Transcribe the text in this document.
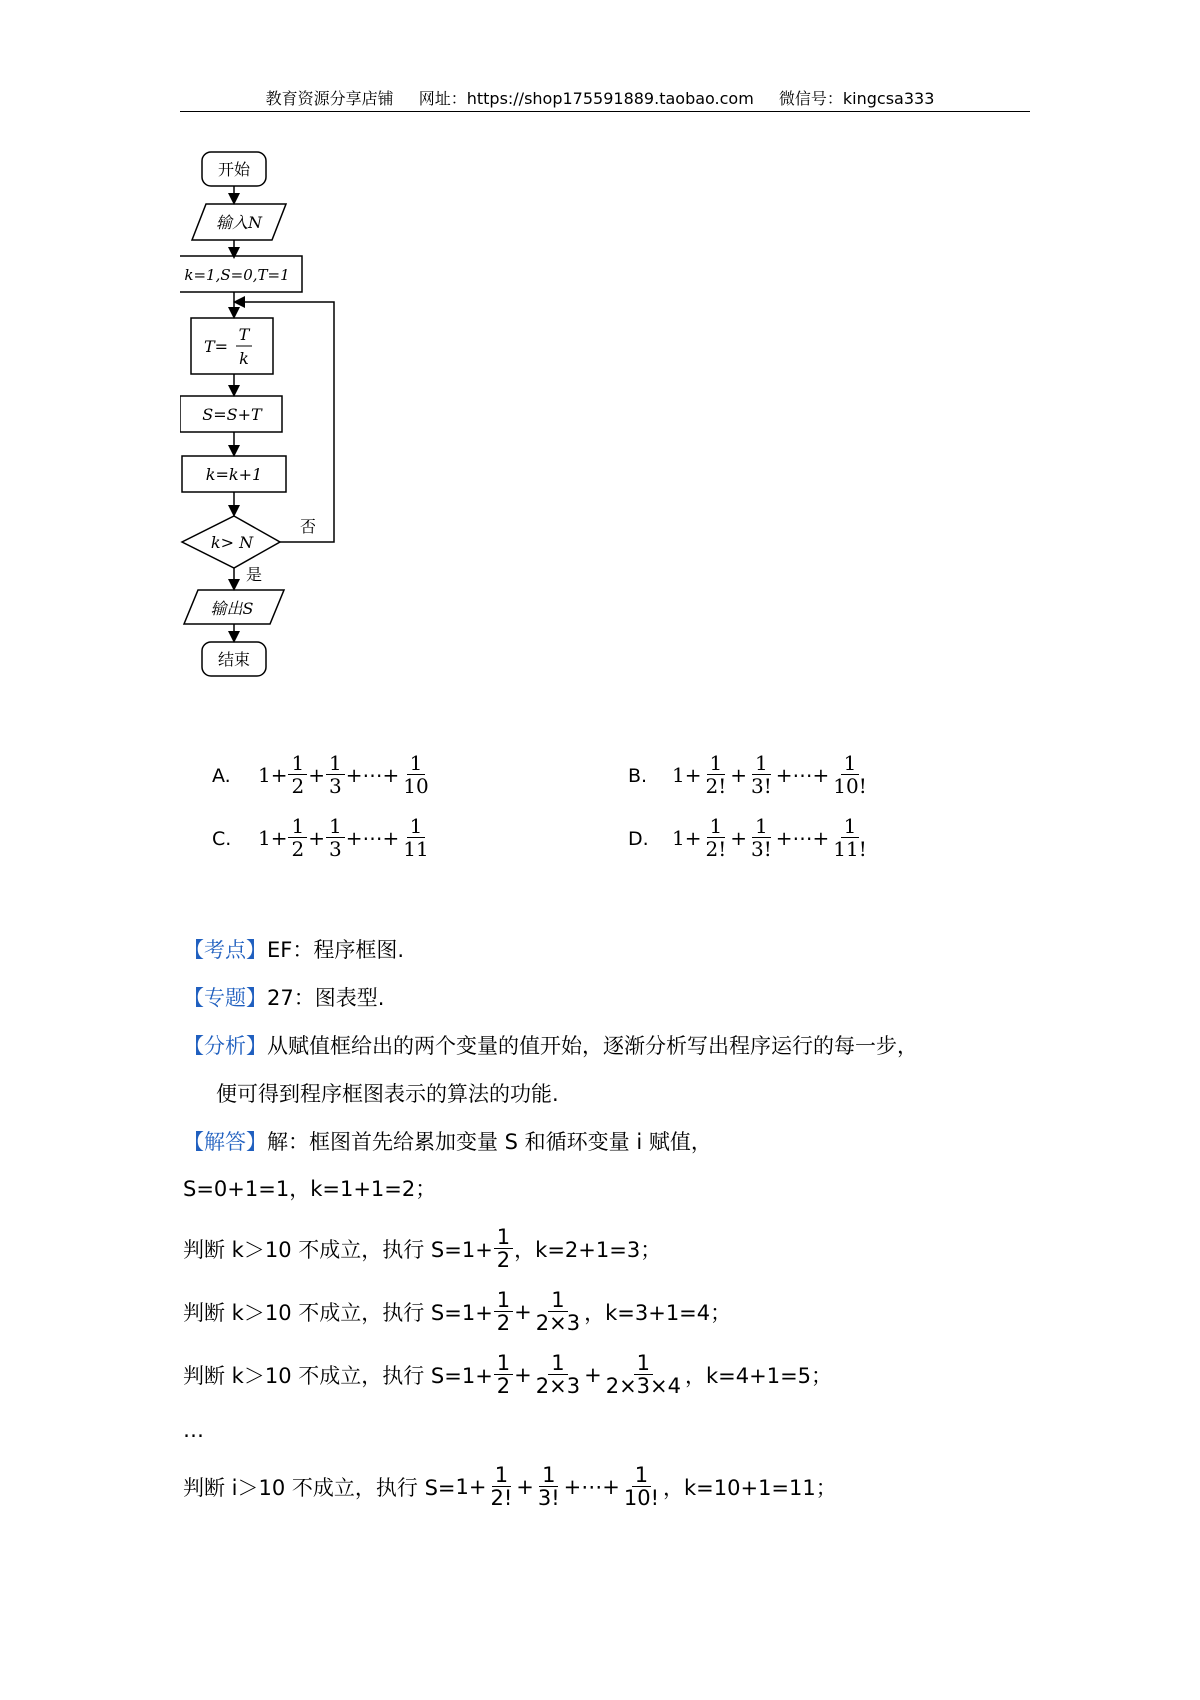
教育资源分享店铺 网址：https://shop175591889.taobao.com 微信号：kingcsa333
开始
输入N
k=1,S=0,T=1
T=
T
k
S=S+T
k=k+1
k> N
否
是
输出S
结束
A. $1+ \frac{1}{2} + \frac{1}{3}$ +⋯+ $\frac{1}{10}$	B. $1+ \frac{1}{2!} + \frac{1}{3!}$ +⋯+ $\frac{1}{10!}$
C. $1+ \frac{1}{2} + \frac{1}{3}$ +⋯+ $\frac{1}{11}$	D. $1+ \frac{1}{2!} + \frac{1}{3!}$ +⋯+ $\frac{1}{11!}$
【考点】 EF：程序框图.
【专题】 27：图表型.
【分析】 从赋值框给出的两个变量的值开始，逐渐分析写出程序运行的每一步，
便可得到程序框图表示的算法的功能.
【解答】 解：框图首先给累加变量 S 和循环变量 i 赋值，
S=0+1=1，k=1+1=2；
判断 k＞10 不成立，执行 $S=1+ \frac{1}{2}$ ，k=2+1=3；
判断 k＞10 不成立，执行 $S=1+ \frac{1}{2} + \frac{1}{2\times 3}$ ，k=3+1=4；
判断 k＞10 不成立，执行 $S=1+ \frac{1}{2} + \frac{1}{2\times 3} + \frac{1}{2\times 3\times 4}$ ，k=4+1=5；
…
判断 i＞10 不成立，执行 $S= 1+ \frac{1}{2!} + \frac{1}{3!}$ +⋯+ $\frac{1}{10!}$ ，k=10+1=11；
